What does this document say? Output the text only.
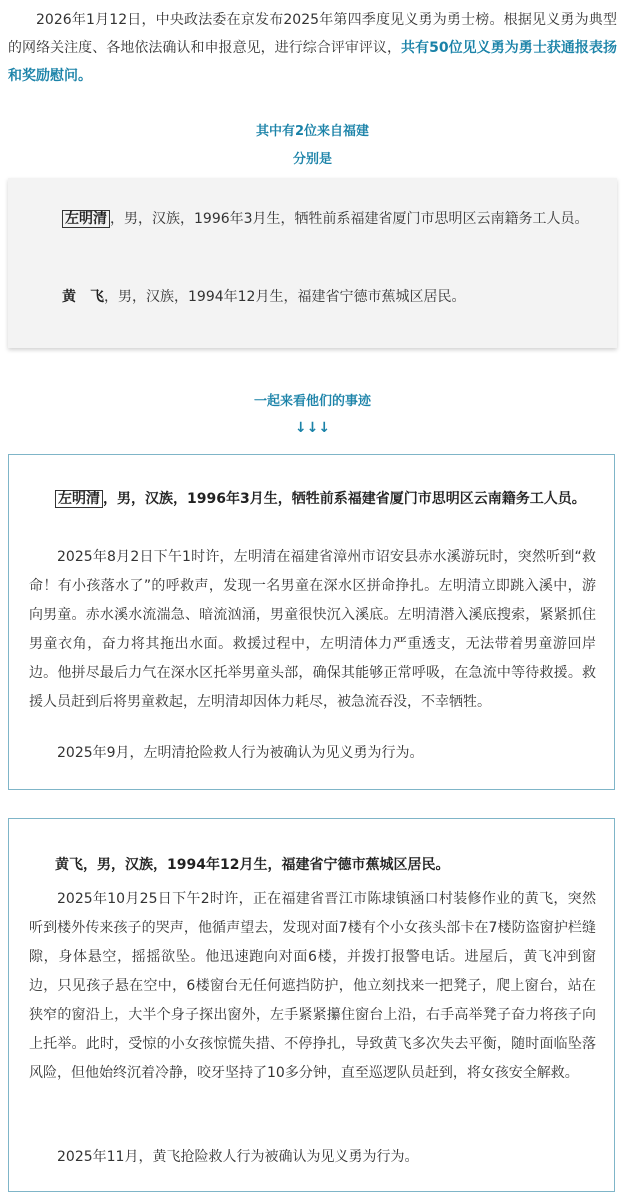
2026年1月12日，中央政法委在京发布2025年第四季度见义勇为勇士榜。根据见义勇为典型的网络关注度、各地依法确认和申报意见，进行综合评审评议，共有50位见义勇为勇士获通报表扬和奖励慰问。
其中有2位来自福建
分别是
左明清 ，男，汉族，1996年3月生，牺牲前系福建省厦门市思明区云南籍务工人员。
黄　飞，男，汉族，1994年12月生，福建省宁德市蕉城区居民。
一起来看他们的事迹
↓↓↓
左明清 ，男，汉族，1996年3月生，牺牲前系福建省厦门市思明区云南籍务工人员。
2025年8月2日下午1时许，左明清在福建省漳州市诏安县赤水溪游玩时，突然听到“救命！有小孩落水了”的呼救声，发现一名男童在深水区拼命挣扎。左明清立即跳入溪中，游向男童。赤水溪水流湍急、暗流汹涌，男童很快沉入溪底。左明清潜入溪底搜索，紧紧抓住男童衣角，奋力将其拖出水面。救援过程中，左明清体力严重透支，无法带着男童游回岸边。他拼尽最后力气在深水区托举男童头部，确保其能够正常呼吸，在急流中等待救援。救援人员赶到后将男童救起，左明清却因体力耗尽，被急流吞没，不幸牺牲。
2025年9月，左明清抢险救人行为被确认为见义勇为行为。
黄飞，男，汉族，1994年12月生，福建省宁德市蕉城区居民。
2025年10月25日下午2时许，正在福建省晋江市陈埭镇涵口村装修作业的黄飞，突然听到楼外传来孩子的哭声，他循声望去，发现对面7楼有个小女孩头部卡在7楼防盗窗护栏缝隙，身体悬空，摇摇欲坠。他迅速跑向对面6楼，并拨打报警电话。进屋后，黄飞冲到窗边，只见孩子悬在空中，6楼窗台无任何遮挡防护，他立刻找来一把凳子，爬上窗台，站在狭窄的窗沿上，大半个身子探出窗外，左手紧紧攥住窗台上沿，右手高举凳子奋力将孩子向上托举。此时，受惊的小女孩惊慌失措、不停挣扎，导致黄飞多次失去平衡，随时面临坠落风险，但他始终沉着冷静，咬牙坚持了10多分钟，直至巡逻队员赶到，将女孩安全解救。
2025年11月，黄飞抢险救人行为被确认为见义勇为行为。
